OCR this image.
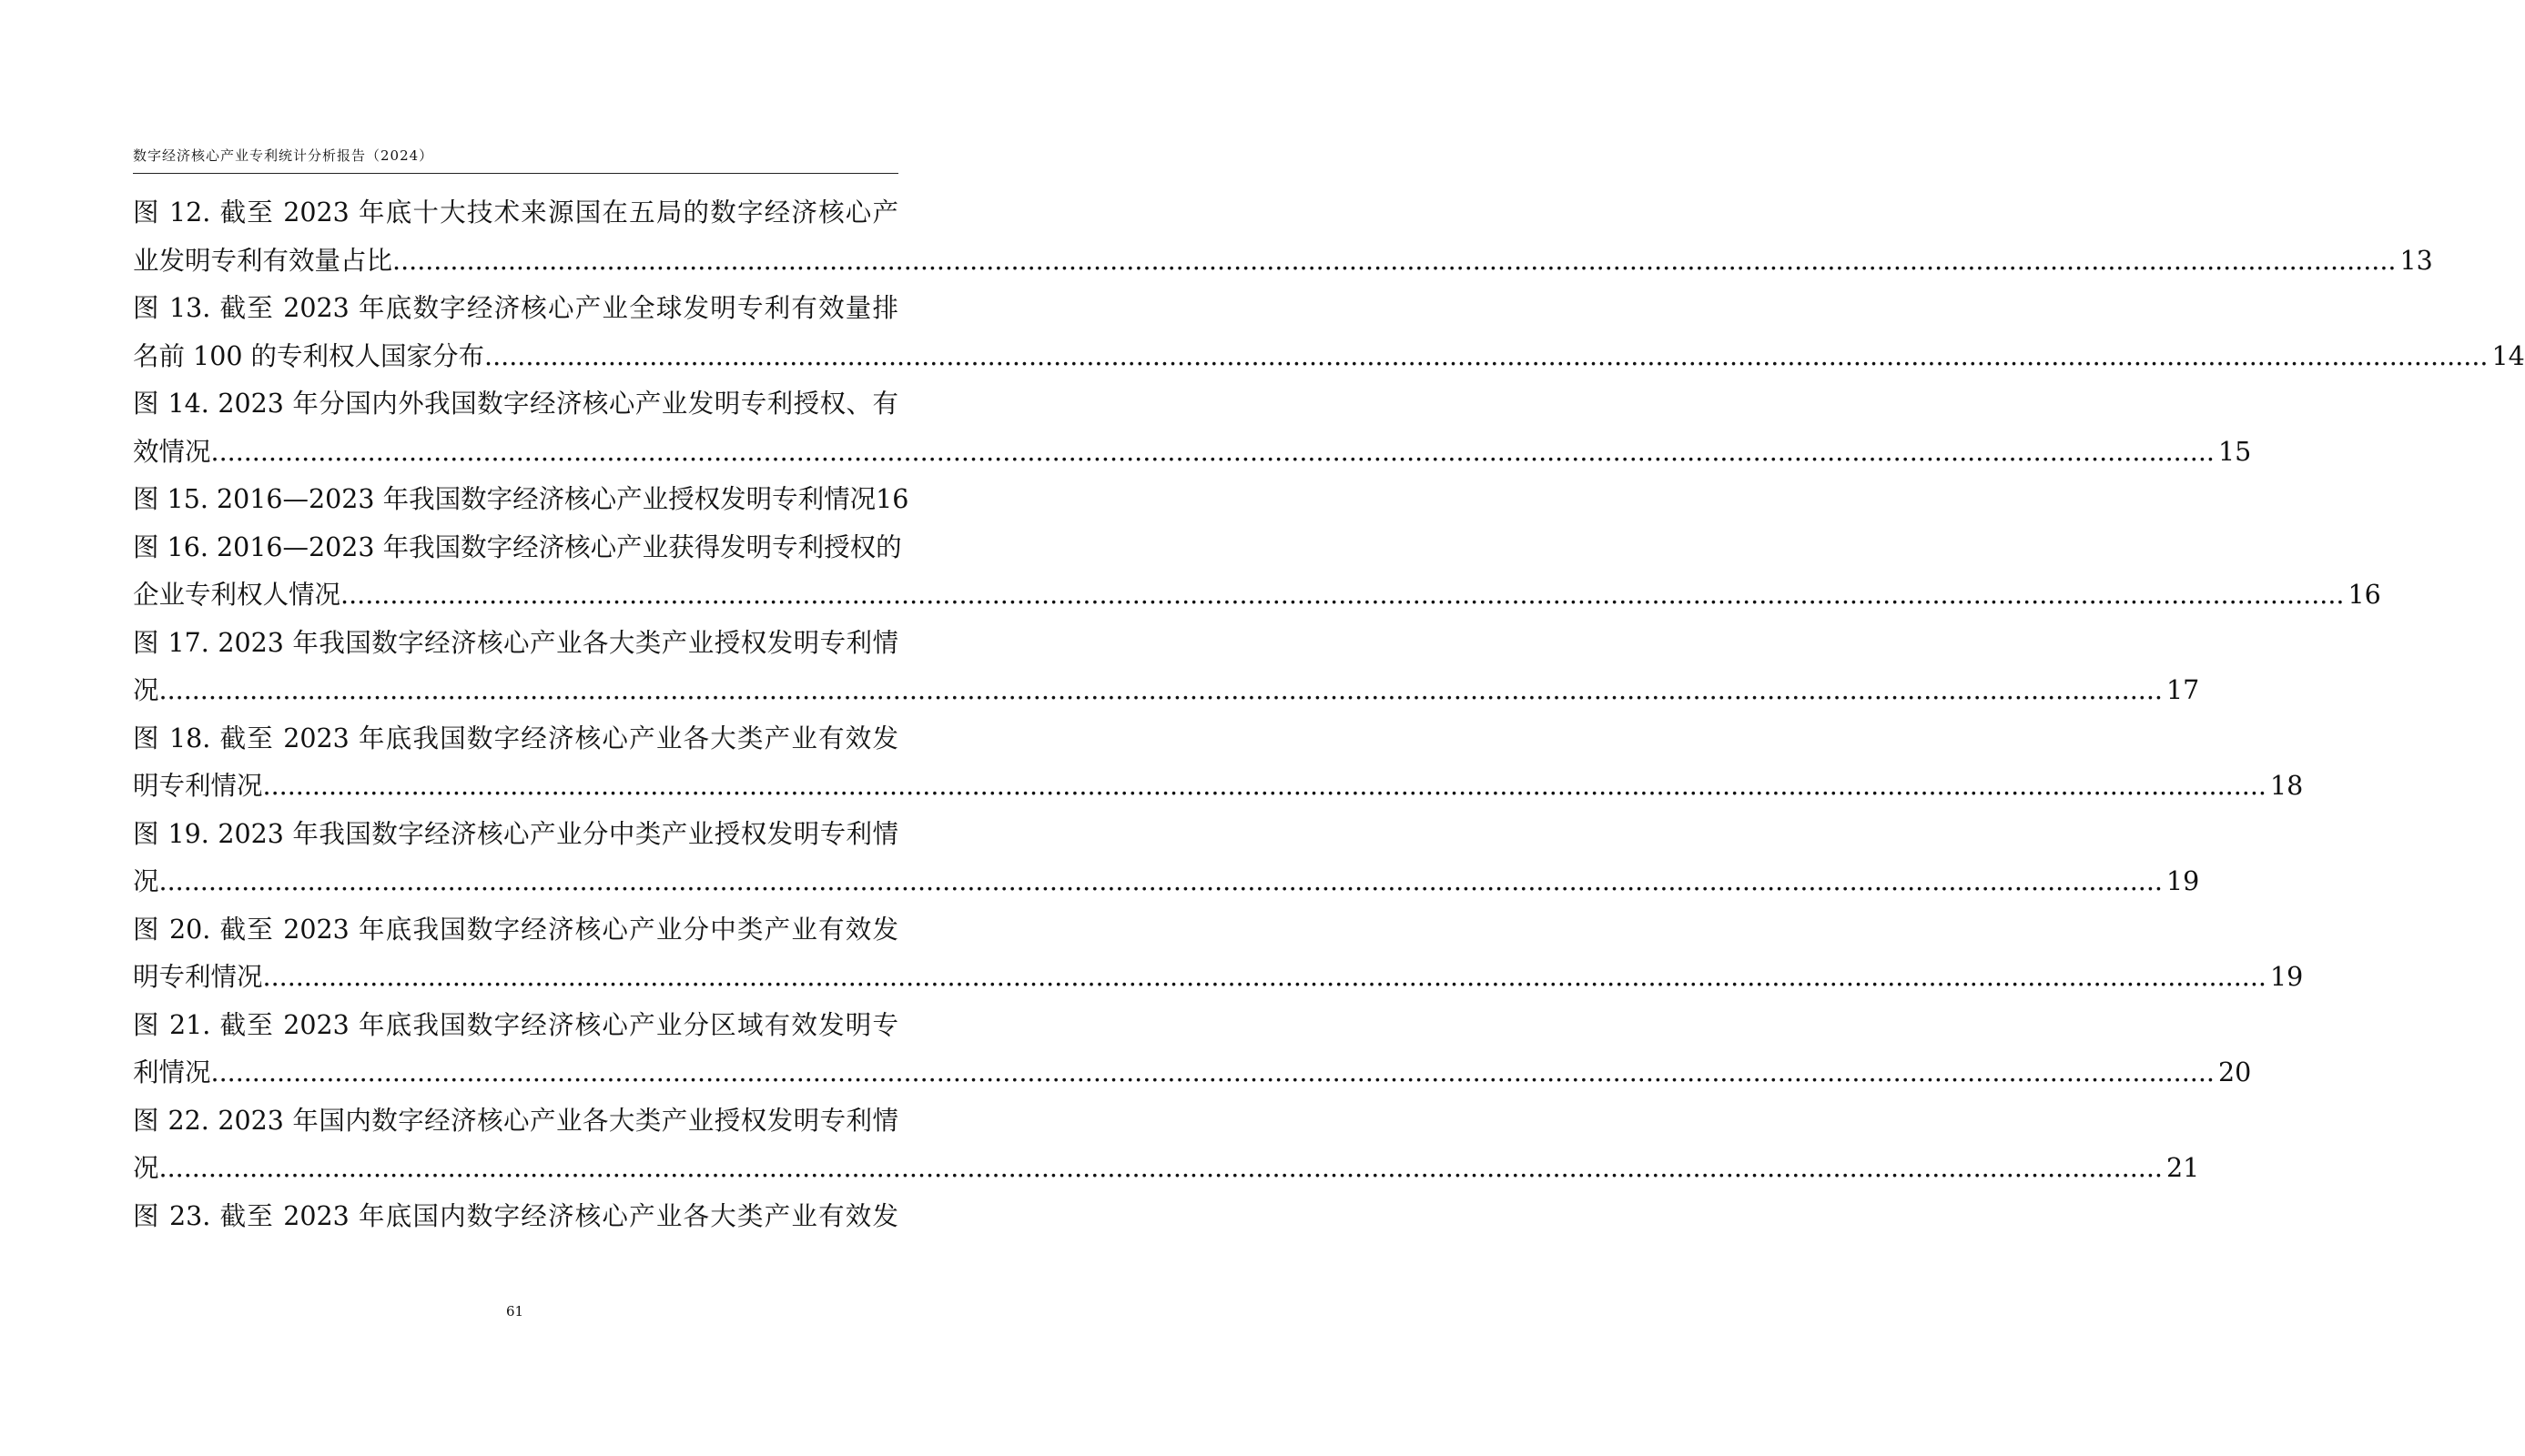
数字经济核心产业专利统计分析报告（2024）
图 12. 截至 2023 年底十大技术来源国在五局的数字经济核心产
业发明专利有效量占比 .....	13
图 13. 截至 2023 年底数字经济核心产业全球发明专利有效量排
名前 100 的专利权人国家分布 .....	14
图 14. 2023 年分国内外我国数字经济核心产业发明专利授权、有
效情况 .....	15
图 15. 2016—2023 年我国数字经济核心产业授权发明专利情况 16
图 16. 2016—2023 年我国数字经济核心产业获得发明专利授权的
企业专利权人情况 .....	16
图 17. 2023 年我国数字经济核心产业各大类产业授权发明专利情
况 .....	17
图 18. 截至 2023 年底我国数字经济核心产业各大类产业有效发
明专利情况 .....	18
图 19. 2023 年我国数字经济核心产业分中类产业授权发明专利情
况 .....	19
图 20. 截至 2023 年底我国数字经济核心产业分中类产业有效发
明专利情况 .....	19
图 21. 截至 2023 年底我国数字经济核心产业分区域有效发明专
利情况 .....	20
图 22. 2023 年国内数字经济核心产业各大类产业授权发明专利情
况 .....	21
图 23. 截至 2023 年底国内数字经济核心产业各大类产业有效发
61
